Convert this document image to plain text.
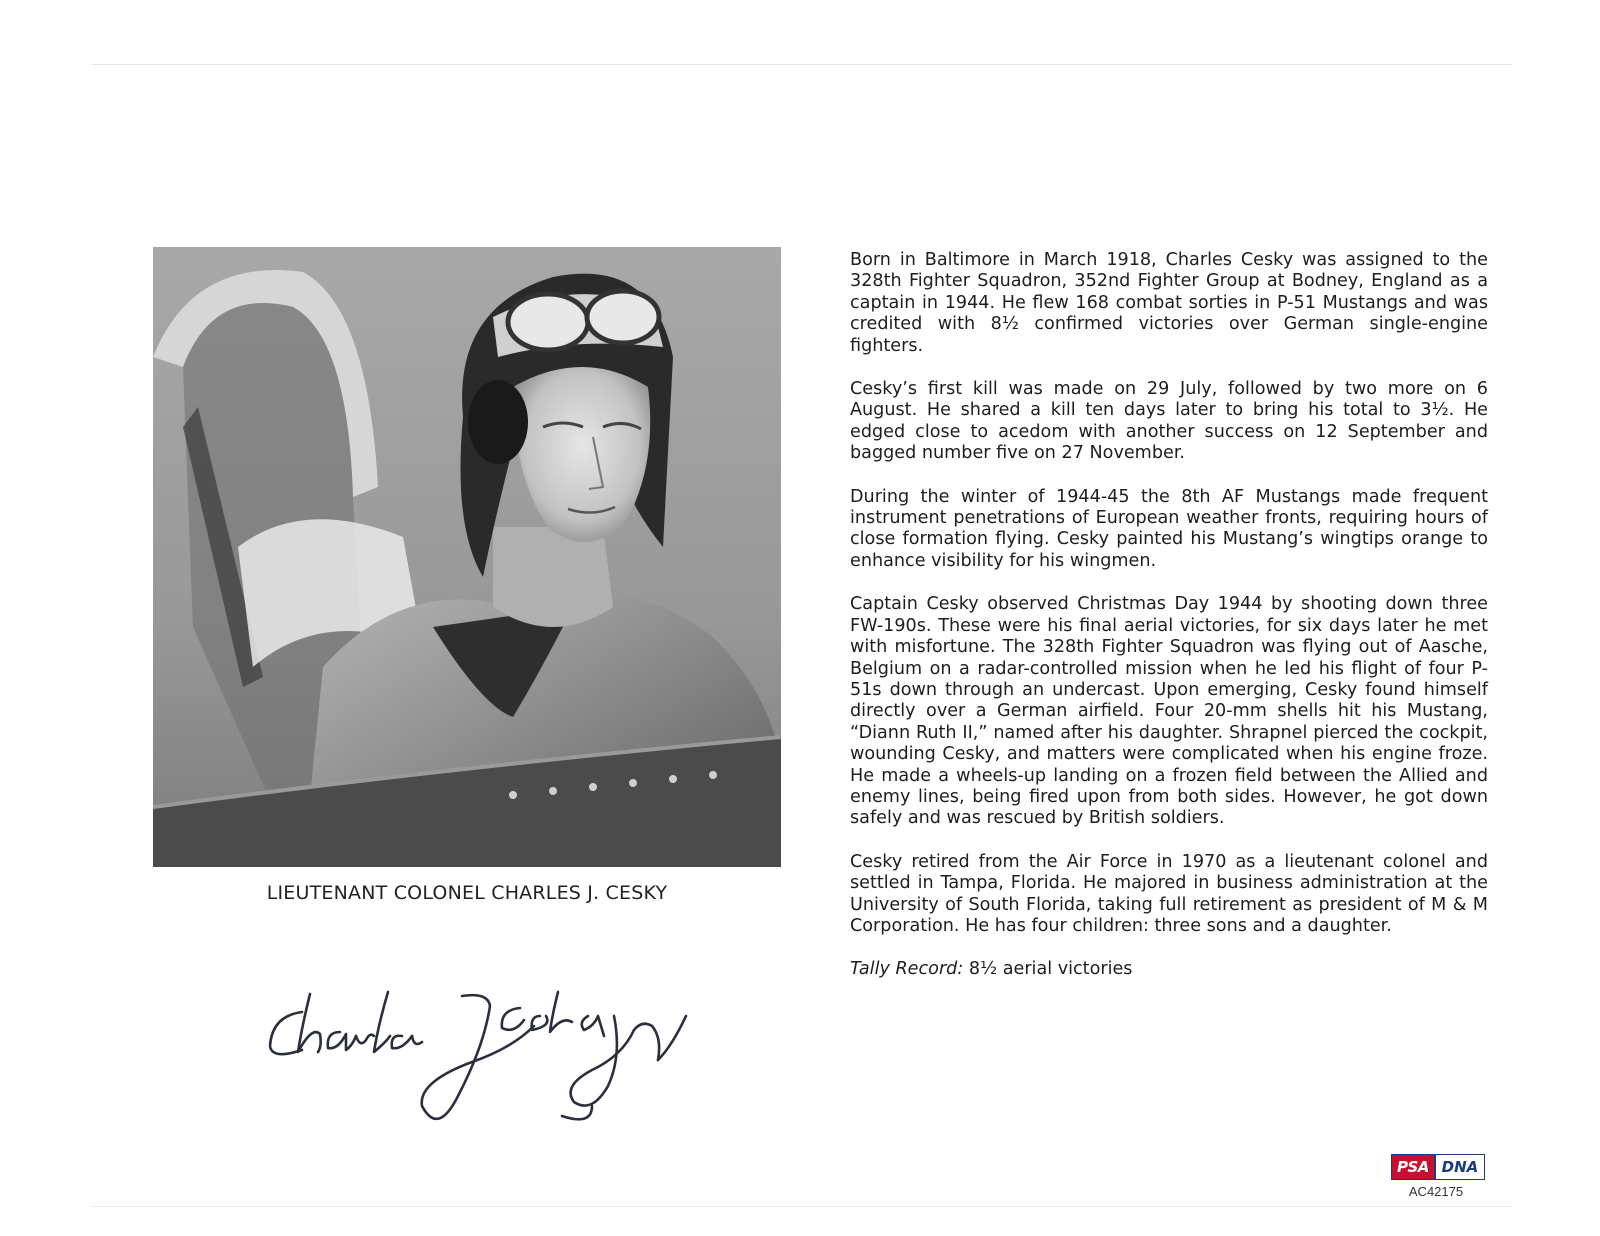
LIEUTENANT COLONEL CHARLES J. CESKY

Born in Baltimore in March 1918, Charles Cesky was assigned to the 328th Fighter Squadron, 352nd Fighter Group at Bodney, England as a captain in 1944. He flew 168 combat sorties in P-51 Mustangs and was credited with 8½ confirmed victories over German single-engine fighters.

Cesky’s first kill was made on 29 July, followed by two more on 6 August. He shared a kill ten days later to bring his total to 3½. He edged close to acedom with another success on 12 September and bagged number five on 27 November.

During the winter of 1944-45 the 8th AF Mustangs made frequent instrument penetrations of European weather fronts, requiring hours of close formation flying. Cesky painted his Mustang’s wingtips orange to enhance visibility for his wingmen.

Captain Cesky observed Christmas Day 1944 by shooting down three FW-190s. These were his final aerial victories, for six days later he met with misfortune. The 328th Fighter Squadron was flying out of Aasche, Belgium on a radar-controlled mission when he led his flight of four P-51s down through an undercast. Upon emerging, Cesky found himself directly over a German airfield. Four 20-mm shells hit his Mustang, “Diann Ruth II,” named after his daughter. Shrapnel pierced the cockpit, wounding Cesky, and matters were complicated when his engine froze. He made a wheels-up landing on a frozen field between the Allied and enemy lines, being fired upon from both sides. However, he got down safely and was rescued by British soldiers.

Cesky retired from the Air Force in 1970 as a lieutenant colonel and settled in Tampa, Florida. He majored in business administration at the University of South Florida, taking full retirement as president of M & M Corporation. He has four children: three sons and a daughter.

Tally Record: 8½ aerial victories

PSA DNA
AC42175
